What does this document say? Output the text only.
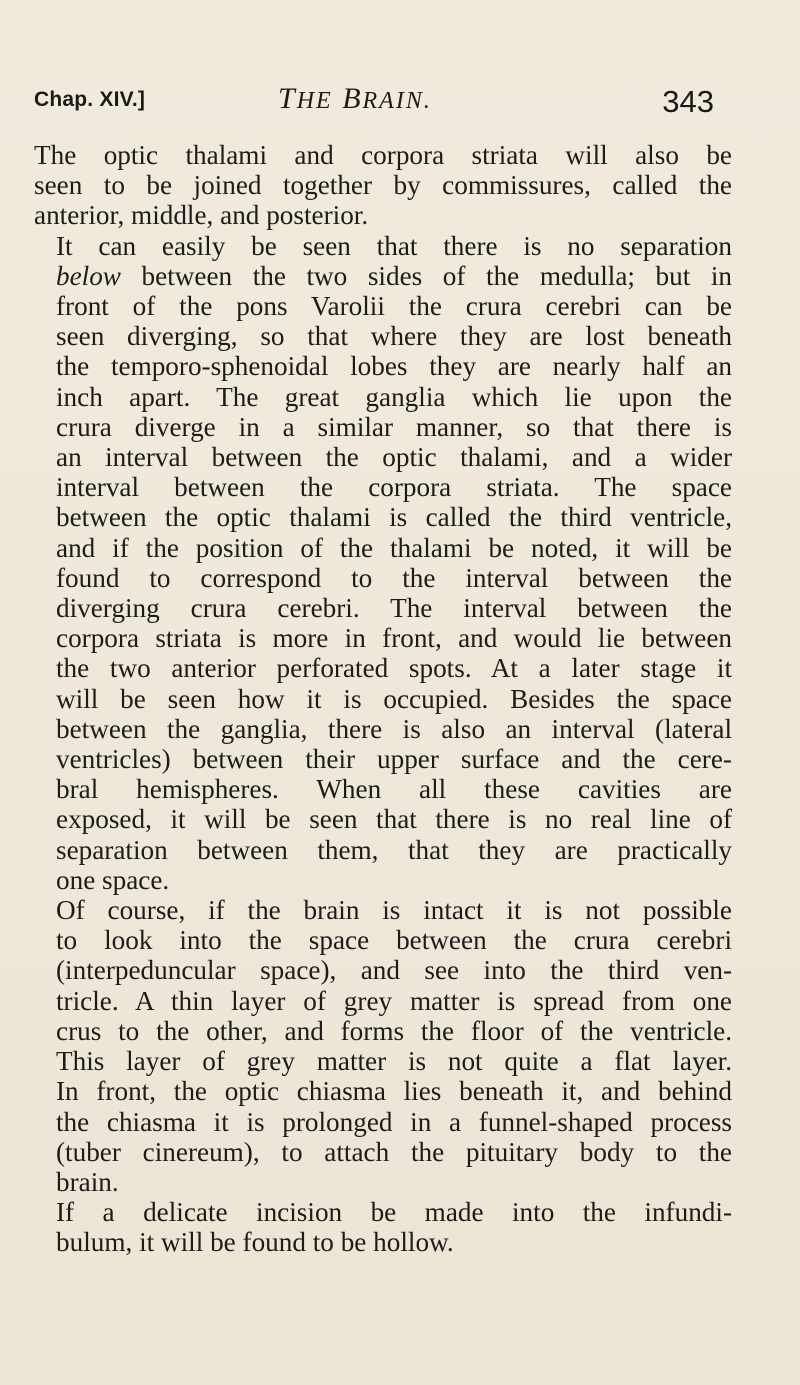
Chap. XIV.]	THE BRAIN.	343

The optic thalami and corpora striata will also be
seen to be joined together by commissures, called the
anterior, middle, and posterior.

It can easily be seen that there is no separation
below between the two sides of the medulla; but in
front of the pons Varolii the crura cerebri can be
seen diverging, so that where they are lost beneath
the temporo-sphenoidal lobes they are nearly half an
inch apart. The great ganglia which lie upon the
crura diverge in a similar manner, so that there is
an interval between the optic thalami, and a wider
interval between the corpora striata. The space
between the optic thalami is called the third ventricle,
and if the position of the thalami be noted, it will be
found to correspond to the interval between the
diverging crura cerebri. The interval between the
corpora striata is more in front, and would lie between
the two anterior perforated spots. At a later stage it
will be seen how it is occupied. Besides the space
between the ganglia, there is also an interval (lateral
ventricles) between their upper surface and the cere-
bral hemispheres. When all these cavities are
exposed, it will be seen that there is no real line of
separation between them, that they are practically
one space.

Of course, if the brain is intact it is not possible
to look into the space between the crura cerebri
(interpeduncular space), and see into the third ven-
tricle. A thin layer of grey matter is spread from one
crus to the other, and forms the floor of the ventricle.
This layer of grey matter is not quite a flat layer.
In front, the optic chiasma lies beneath it, and behind
the chiasma it is prolonged in a funnel-shaped process
(tuber cinereum), to attach the pituitary body to the
brain.

If a delicate incision be made into the infundi-
bulum, it will be found to be hollow.
